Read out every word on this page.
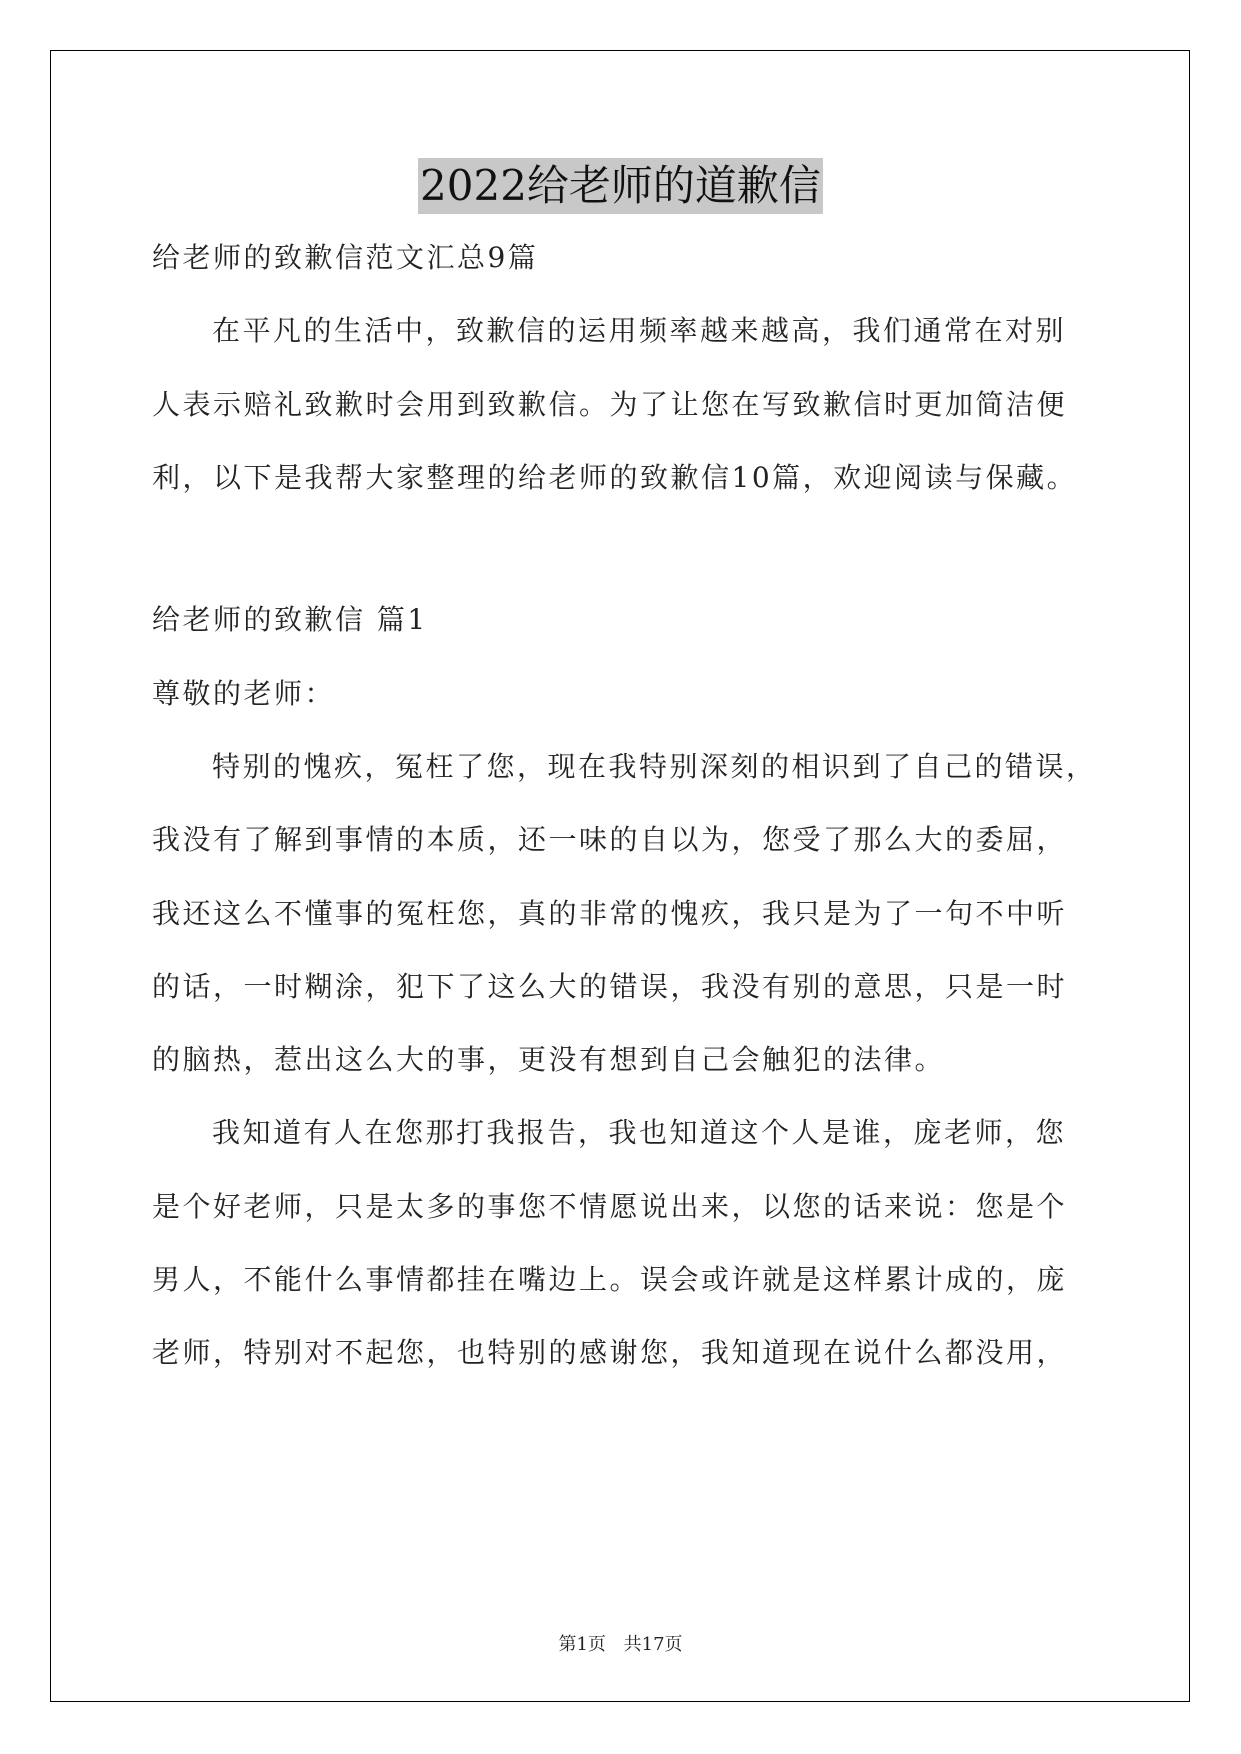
2022给老师的道歉信
给老师的致歉信范文汇总9篇
在平凡的生活中，致歉信的运用频率越来越高，我们通常在对别
人表示赔礼致歉时会用到致歉信。为了让您在写致歉信时更加简洁便
利，以下是我帮大家整理的给老师的致歉信10篇，欢迎阅读与保藏。
给老师的致歉信 篇1
尊敬的老师：
特别的愧疚，冤枉了您，现在我特别深刻的相识到了自己的错误，
我没有了解到事情的本质，还一味的自以为，您受了那么大的委屈，
我还这么不懂事的冤枉您，真的非常的愧疚，我只是为了一句不中听
的话，一时糊涂，犯下了这么大的错误，我没有别的意思，只是一时
的脑热，惹出这么大的事，更没有想到自己会触犯的法律。
我知道有人在您那打我报告，我也知道这个人是谁，庞老师，您
是个好老师，只是太多的事您不情愿说出来，以您的话来说：您是个
男人，不能什么事情都挂在嘴边上。误会或许就是这样累计成的，庞
老师，特别对不起您，也特别的感谢您，我知道现在说什么都没用，
第1页 共17页
